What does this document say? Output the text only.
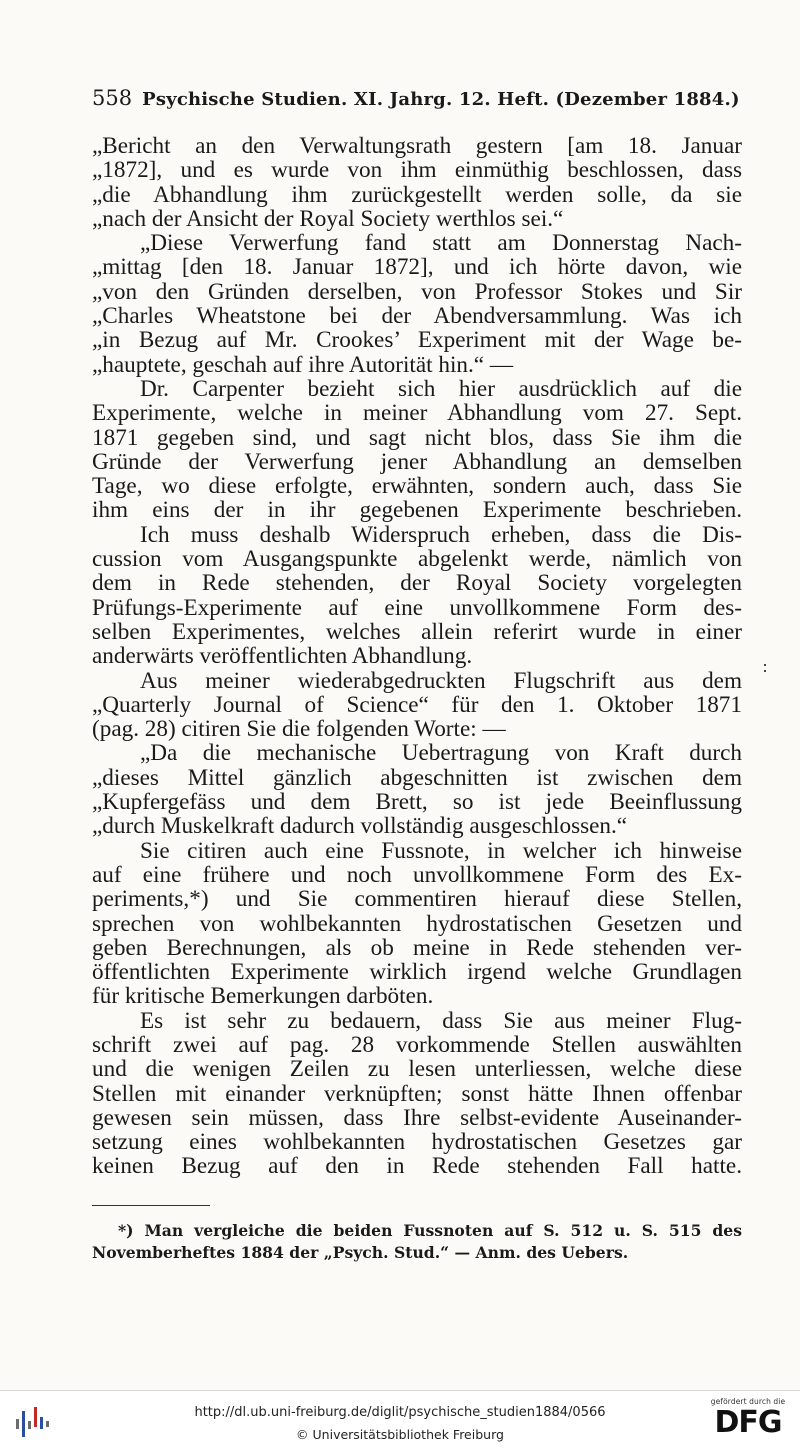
558 Psychische Studien. XI. Jahrg. 12. Heft. (Dezember 1884.)
„Bericht an den Verwaltungsrath gestern [am 18. Januar
„1872], und es wurde von ihm einmüthig beschlossen, dass
„die Abhandlung ihm zurückgestellt werden solle, da sie
„nach der Ansicht der Royal Society werthlos sei.“
„Diese Verwerfung fand statt am Donnerstag Nach-
„mittag [den 18. Januar 1872], und ich hörte davon, wie
„von den Gründen derselben, von Professor Stokes und Sir
„Charles Wheatstone bei der Abendversammlung. Was ich
„in Bezug auf Mr. Crookes’ Experiment mit der Wage be-
„hauptete, geschah auf ihre Autorität hin.“ —
Dr. Carpenter bezieht sich hier ausdrücklich auf die
Experimente, welche in meiner Abhandlung vom 27. Sept.
1871 gegeben sind, und sagt nicht blos, dass Sie ihm die
Gründe der Verwerfung jener Abhandlung an demselben
Tage, wo diese erfolgte, erwähnten, sondern auch, dass Sie
ihm eins der in ihr gegebenen Experimente beschrieben.
Ich muss deshalb Widerspruch erheben, dass die Dis-
cussion vom Ausgangspunkte abgelenkt werde, nämlich von
dem in Rede stehenden, der Royal Society vorgelegten
Prüfungs-Experimente auf eine unvollkommene Form des-
selben Experimentes, welches allein referirt wurde in einer
anderwärts veröffentlichten Abhandlung.
Aus meiner wiederabgedruckten Flugschrift aus dem
„Quarterly Journal of Science“ für den 1. Oktober 1871
(pag. 28) citiren Sie die folgenden Worte: —
„Da die mechanische Uebertragung von Kraft durch
„dieses Mittel gänzlich abgeschnitten ist zwischen dem
„Kupfergefäss und dem Brett, so ist jede Beeinflussung
„durch Muskelkraft dadurch vollständig ausgeschlossen.“
Sie citiren auch eine Fussnote, in welcher ich hinweise
auf eine frühere und noch unvollkommene Form des Ex-
periments,*) und Sie commentiren hierauf diese Stellen,
sprechen von wohlbekannten hydrostatischen Gesetzen und
geben Berechnungen, als ob meine in Rede stehenden ver-
öffentlichten Experimente wirklich irgend welche Grundlagen
für kritische Bemerkungen darböten.
Es ist sehr zu bedauern, dass Sie aus meiner Flug-
schrift zwei auf pag. 28 vorkommende Stellen auswählten
und die wenigen Zeilen zu lesen unterliessen, welche diese
Stellen mit einander verknüpften; sonst hätte Ihnen offenbar
gewesen sein müssen, dass Ihre selbst-evidente Auseinander-
setzung eines wohlbekannten hydrostatischen Gesetzes gar
keinen Bezug auf den in Rede stehenden Fall hatte.
*) Man vergleiche die beiden Fussnoten auf S. 512 u. S. 515 des
Novemberheftes 1884 der „Psych. Stud.“ — Anm. des Uebers.
http://dl.ub.uni-freiburg.de/diglit/psychische_studien1884/0566
© Universitätsbibliothek Freiburg
gefördert durch die
DFG
